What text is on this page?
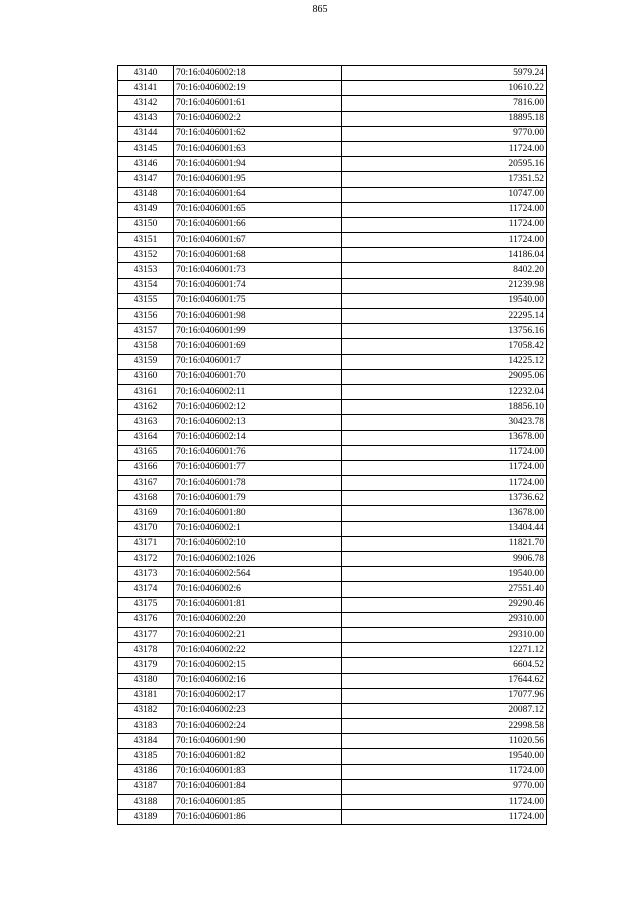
865
43140	70:16:0406002:18	5979.24
43141	70:16:0406002:19	10610.22
43142	70:16:0406001:61	7816.00
43143	70:16:0406002:2	18895.18
43144	70:16:0406001:62	9770.00
43145	70:16:0406001:63	11724.00
43146	70:16:0406001:94	20595.16
43147	70:16:0406001:95	17351.52
43148	70:16:0406001:64	10747.00
43149	70:16:0406001:65	11724.00
43150	70:16:0406001:66	11724.00
43151	70:16:0406001:67	11724.00
43152	70:16:0406001:68	14186.04
43153	70:16:0406001:73	8402.20
43154	70:16:0406001:74	21239.98
43155	70:16:0406001:75	19540.00
43156	70:16:0406001:98	22295.14
43157	70:16:0406001:99	13756.16
43158	70:16:0406001:69	17058.42
43159	70:16:0406001:7	14225.12
43160	70:16:0406001:70	29095.06
43161	70:16:0406002:11	12232.04
43162	70:16:0406002:12	18856.10
43163	70:16:0406002:13	30423.78
43164	70:16:0406002:14	13678.00
43165	70:16:0406001:76	11724.00
43166	70:16:0406001:77	11724.00
43167	70:16:0406001:78	11724.00
43168	70:16:0406001:79	13736.62
43169	70:16:0406001:80	13678.00
43170	70:16:0406002:1	13404.44
43171	70:16:0406002:10	11821.70
43172	70:16:0406002:1026	9906.78
43173	70:16:0406002:564	19540.00
43174	70:16:0406002:6	27551.40
43175	70:16:0406001:81	29290.46
43176	70:16:0406002:20	29310.00
43177	70:16:0406002:21	29310.00
43178	70:16:0406002:22	12271.12
43179	70:16:0406002:15	6604.52
43180	70:16:0406002:16	17644.62
43181	70:16:0406002:17	17077.96
43182	70:16:0406002:23	20087.12
43183	70:16:0406002:24	22998.58
43184	70:16:0406001:90	11020.56
43185	70:16:0406001:82	19540.00
43186	70:16:0406001:83	11724.00
43187	70:16:0406001:84	9770.00
43188	70:16:0406001:85	11724.00
43189	70:16:0406001:86	11724.00
